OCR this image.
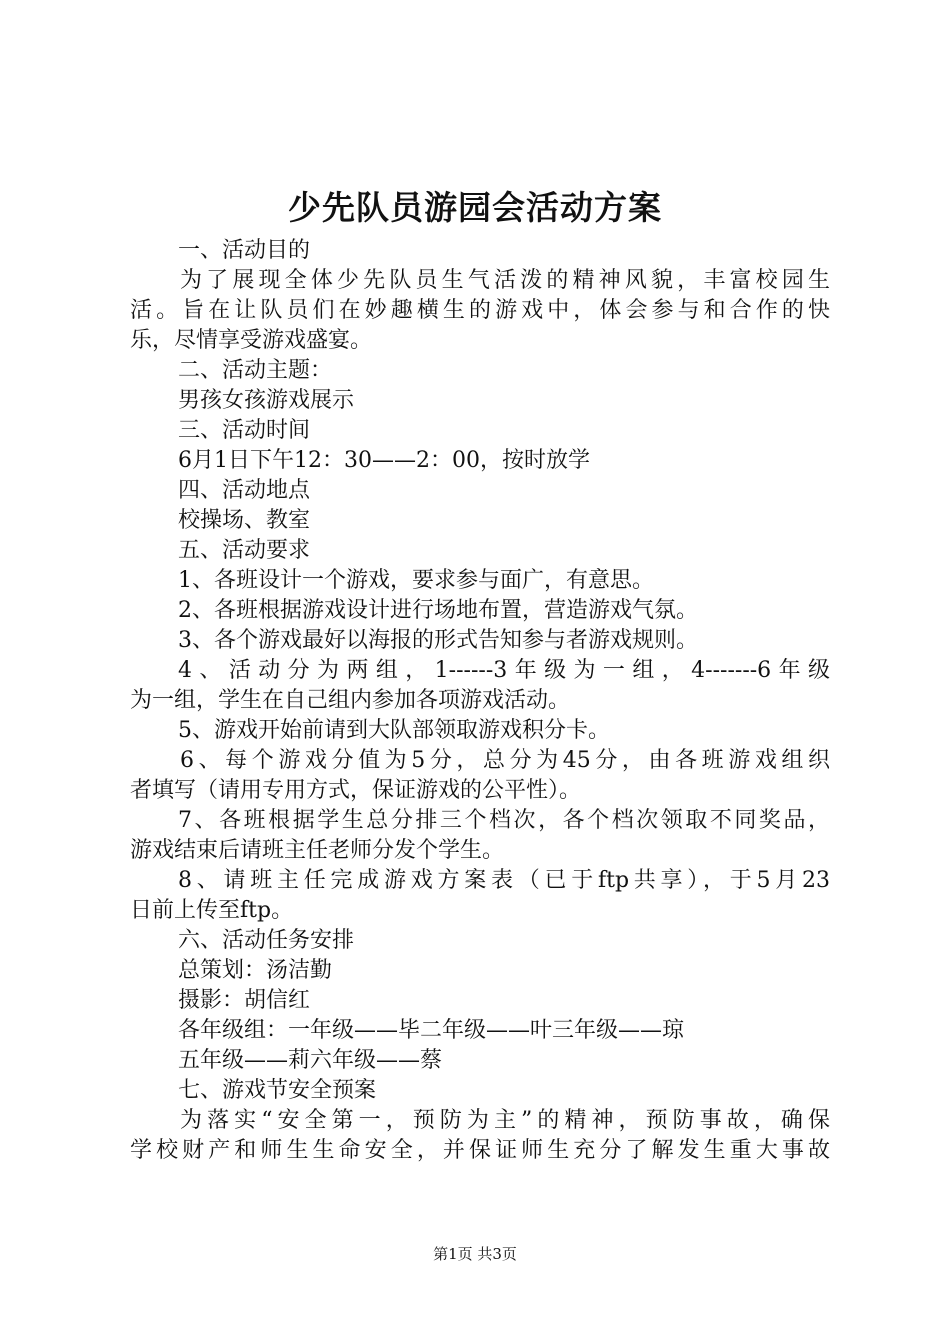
少先队员游园会活动方案
一、活动目的
为了展现全体少先队员生气活泼的精神风貌，丰富校园生
活。旨在让队员们在妙趣横生的游戏中，体会参与和合作的快
乐，尽情享受游戏盛宴。
二、活动主题：
男孩女孩游戏展示
三、活动时间
6月1日下午12：30——2：00，按时放学
四、活动地点
校操场、教室
五、活动要求
1、各班设计一个游戏，要求参与面广，有意思。
2、各班根据游戏设计进行场地布置，营造游戏气氛。
3、各个游戏最好以海报的形式告知参与者游戏规则。
4、活动分为两组，1------3年级为一组，4-------6年级
为一组，学生在自己组内参加各项游戏活动。
5、游戏开始前请到大队部领取游戏积分卡。
6、每个游戏分值为5分，总分为45分，由各班游戏组织
者填写（请用专用方式，保证游戏的公平性）。
7、各班根据学生总分排三个档次，各个档次领取不同奖品，
游戏结束后请班主任老师分发个学生。
8、请班主任完成游戏方案表（已于ftp共享），于5月23
日前上传至ftp。
六、活动任务安排
总策划：汤洁勤
摄影：胡信红
各年级组：一年级——毕二年级——叶三年级——琼
五年级——莉六年级——蔡
七、游戏节安全预案
为落实“安全第一，预防为主”的精神，预防事故，确保
学校财产和师生生命安全，并保证师生充分了解发生重大事故
第1页 共3页
